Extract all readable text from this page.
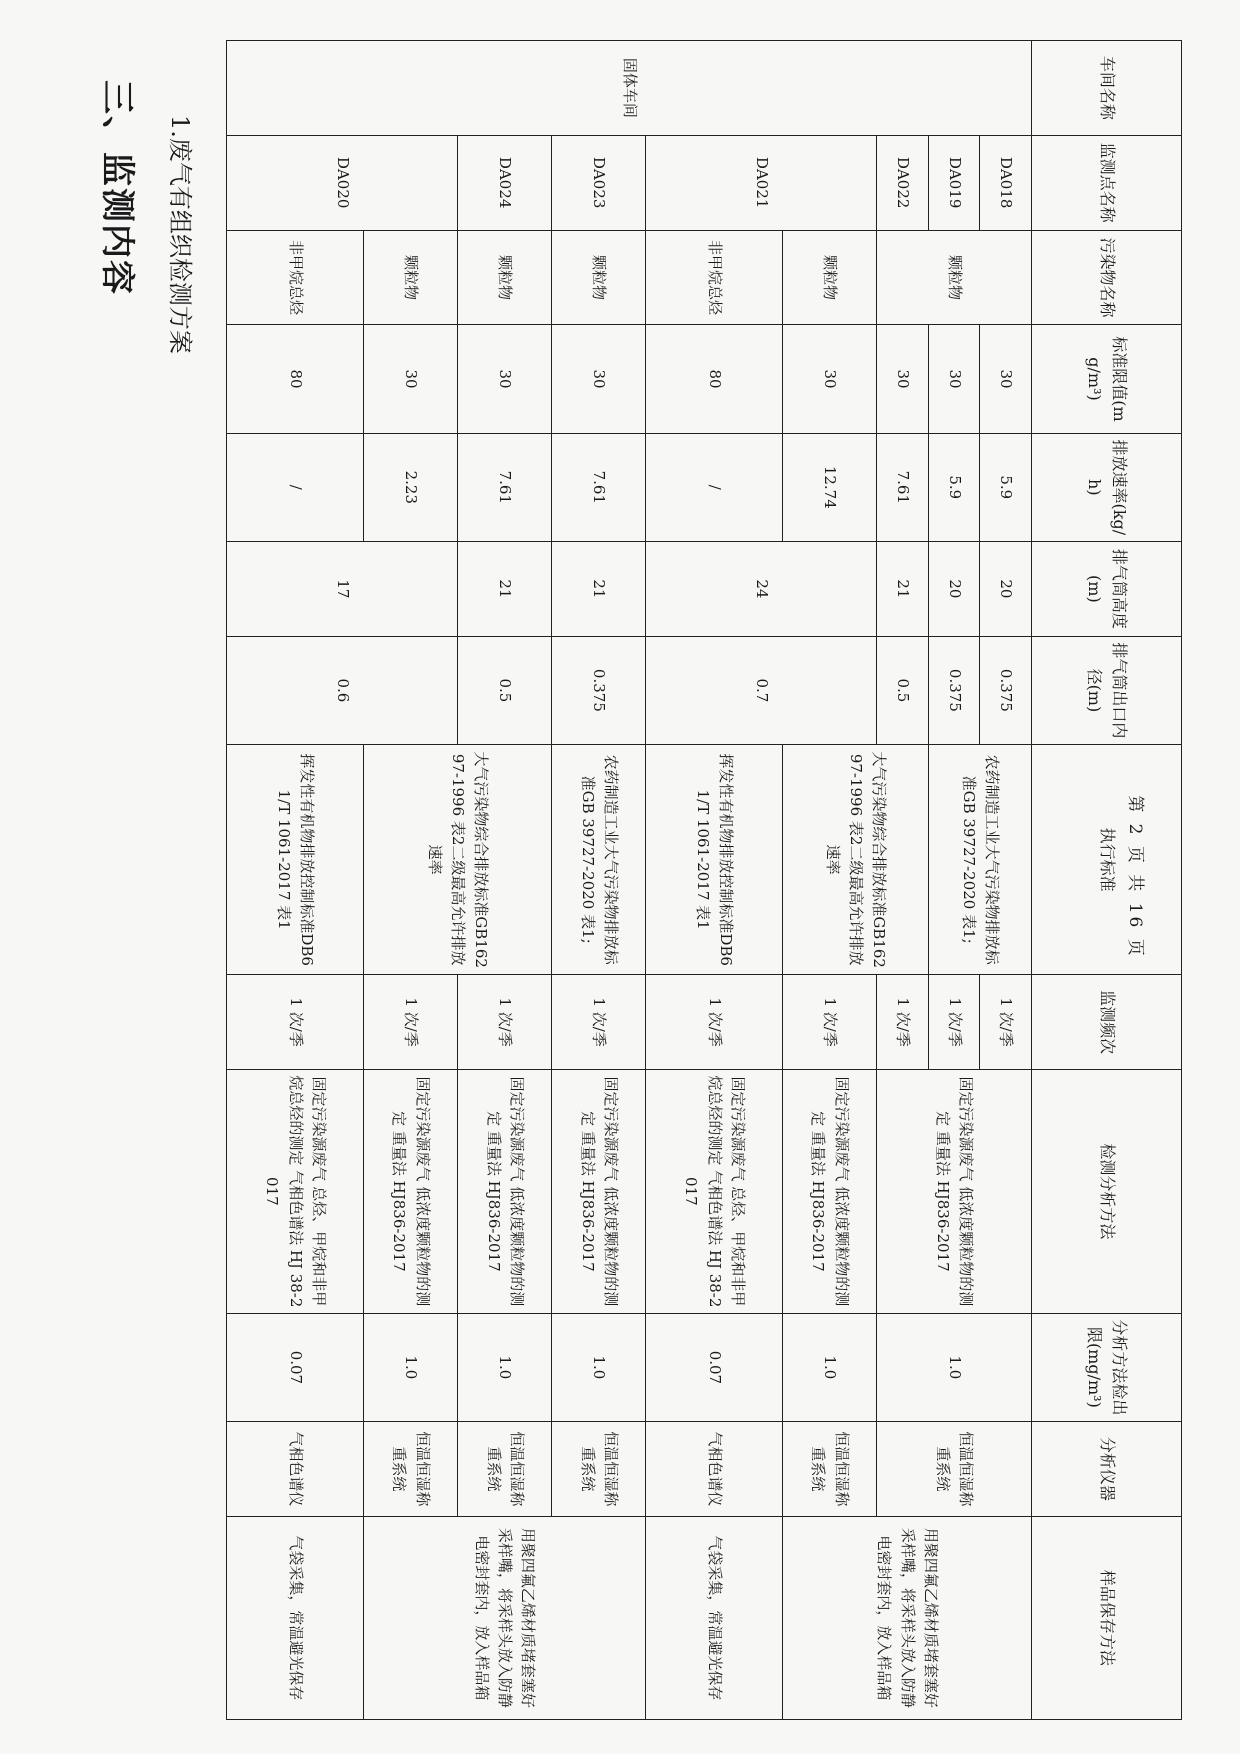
三、监测内容	1.废气有组织检测方案
第 2 页 共 16 页
车间名称	监测点名称	污染物名称	标准限值(mg/m³)	排放速率(kg/h)	排气筒高度(m)	排气筒出口内径(m)	执行标准	监测频次	检测分析方法	分析方法检出限(mg/m³)	分析仪器	样品保存方法
固体车间	DA018	颗粒物	30	5.9	20	0.375	农药制造工业大气污染物排放标准GB 39727-2020 表1;	1 次/季	固定污染源废气 低浓度颗粒物的测定 重量法 HJ836-2017	1.0	恒温恒湿称重系统	用聚四氟乙烯材质堵套塞好采样嘴，将采样头放入防静电密封套内，放入样品箱
	DA019		30	5.9	20	0.375		1 次/季				
	DA022		30	7.61	21	0.5	大气污染物综合排放标准GB16297-1996 表2二级最高允许排放速率	1 次/季				
	DA021	颗粒物	30	12.74	24	0.7		1 次/季	固定污染源废气 低浓度颗粒物的测定 重量法 HJ836-2017	1.0	恒温恒湿称重系统	
		非甲烷总烃	80	/			挥发性有机物排放控制标准DB61/T 1061-2017 表1	1 次/季	固定污染源废气 总烃、甲烷和非甲烷总烃的测定 气相色谱法 HJ 38-2017	0.07	气相色谱仪	气袋采集，常温避光保存
	DA023	颗粒物	30	7.61	21	0.375	农药制造工业大气污染物排放标准GB 39727-2020 表1;	1 次/季	固定污染源废气 低浓度颗粒物的测定 重量法 HJ836-2017	1.0	恒温恒湿称重系统	用聚四氟乙烯材质堵套塞好采样嘴，将采样头放入防静电密封套内，放入样品箱
	DA024	颗粒物	30	7.61	21	0.5	大气污染物综合排放标准GB16297-1996 表2二级最高允许排放速率	1 次/季	固定污染源废气 低浓度颗粒物的测定 重量法 HJ836-2017	1.0	恒温恒湿称重系统	
	DA020	颗粒物	30	2.23	17	0.6		1 次/季	固定污染源废气 低浓度颗粒物的测定 重量法 HJ836-2017	1.0	恒温恒湿称重系统	
		非甲烷总烃	80	/			挥发性有机物排放控制标准DB61/T 1061-2017 表1	1 次/季	固定污染源废气 总烃、甲烷和非甲烷总烃的测定 气相色谱法 HJ 38-2017	0.07	气相色谱仪	气袋采集，常温避光保存
